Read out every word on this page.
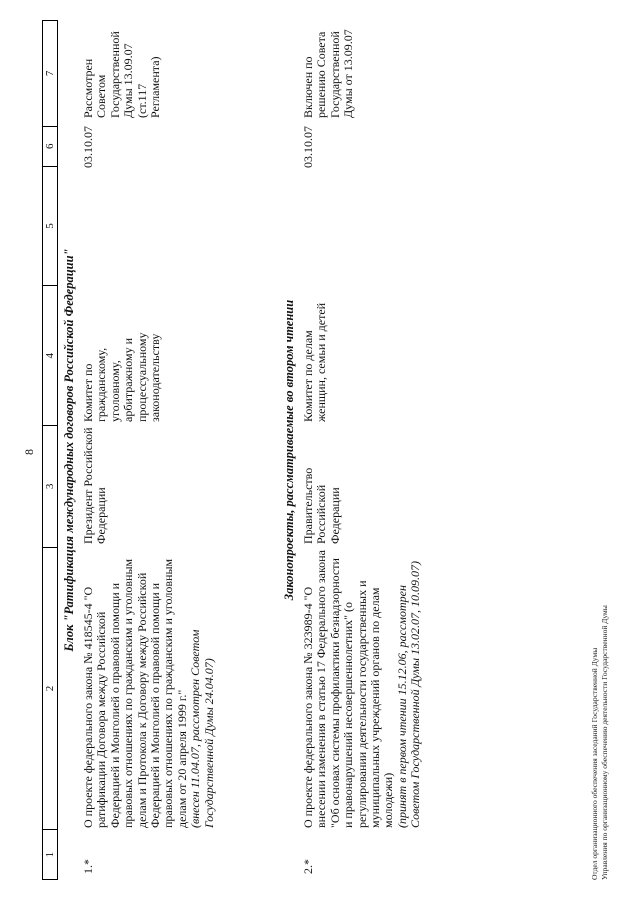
8
1
2
3
4
5
6
7
Блок "Ратификация международных договоров Российской Федерации"
1.*
О проекте федерального закона № 418545-4 "О ратификации Договора между Российской Федерацией и Монголией о правовой помощи и правовых отношениях по гражданским и уголовным делам и Протокола к Договору между Российской Федерацией и Монголией о правовой помощи и правовых отношениях по гражданским и уголовным делам от 20 апреля 1999 г." (внесен 11.04.07, рассмотрен Советом Государственной Думы 24.04.07)
Президент Российской Федерации
Комитет по гражданскому, уголовному, арбитражному и процессуальному законодательству
03.10.07
Рассмотрен Советом Государственной Думы 13.09.07 (ст.117 Регламента)
Законопроекты, рассматриваемые во втором чтении
2.*
О проекте федерального закона № 323989-4 "О внесении изменения в статью 17 Федерального закона "Об основах системы профилактики безнадзорности и правонарушений несовершеннолетних" (о регулировании деятельности государственных и муниципальных учреждений органов по делам молодежи) (принят в первом чтении 15.12.06, рассмотрен Советом Государственной Думы 13.02.07, 10.09.07)
Правительство Российской Федерации
Комитет по делам женщин, семьи и детей
03.10.07
Включен по решению Совета Государственной Думы от 13.09.07
Отдел организационного обеспечения заседаний Государственной Думы Управления по организационному обеспечению деятельности Государственной Думы
